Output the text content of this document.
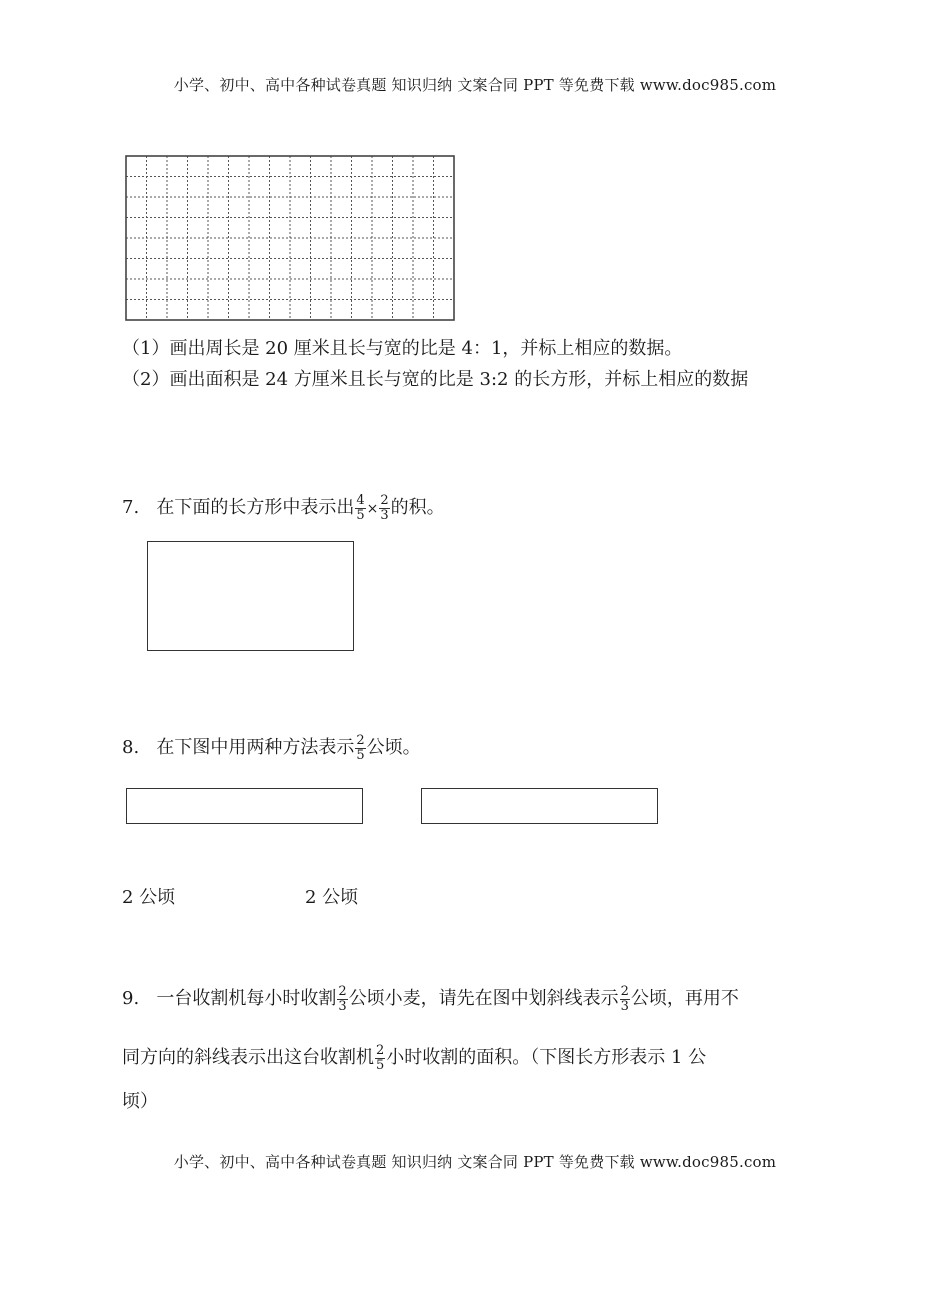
小学、初中、高中各种试卷真题 知识归纳 文案合同 PPT 等免费下载 www.doc985.com
（1）画出周长是 20 厘米且长与宽的比是 4：1，并标上相应的数据。
（2）画出面积是 24 方厘米且长与宽的比是 3:2 的长方形，并标上相应的数据
7. 在下面的长方形中表示出 $\frac{4}{5} \times \frac{2}{3}$ 的积。
8. 在下图中用两种方法表示 $\frac{2}{5}$ 公顷。
2 公顷	2 公顷
9. 一台收割机每小时收割 $\frac{2}{3}$ 公顷小麦，请先在图中划斜线表示 $\frac{2}{3}$ 公顷，再用不
同方向的斜线表示出这台收割机 $\frac{2}{5}$ 小时收割的面积。（下图长方形表示 1 公
顷）
小学、初中、高中各种试卷真题 知识归纳 文案合同 PPT 等免费下载 www.doc985.com
